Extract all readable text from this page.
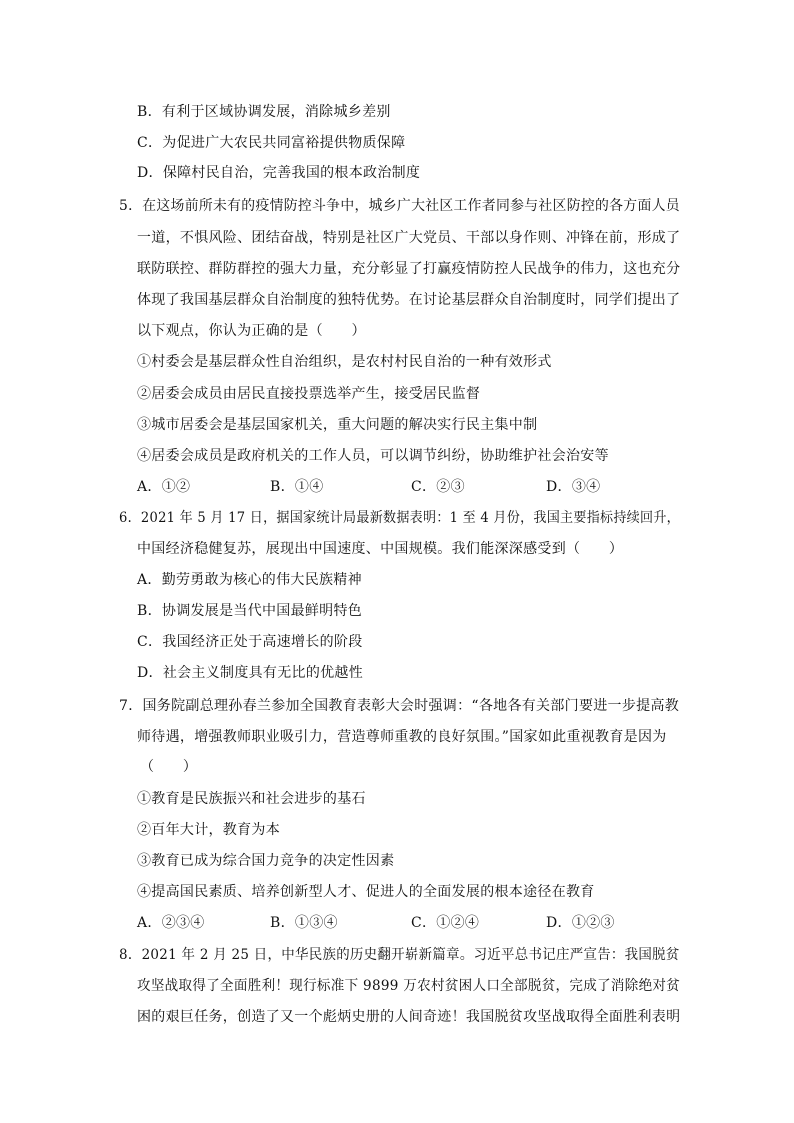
B．有利于区域协调发展，消除城乡差别
C．为促进广大农民共同富裕提供物质保障
D．保障村民自治，完善我国的根本政治制度
5．在这场前所未有的疫情防控斗争中，城乡广大社区工作者同参与社区防控的各方面人员
一道，不惧风险、团结奋战，特别是社区广大党员、干部以身作则、冲锋在前，形成了
联防联控、群防群控的强大力量，充分彰显了打赢疫情防控人民战争的伟力，这也充分
体现了我国基层群众自治制度的独特优势。在讨论基层群众自治制度时，同学们提出了
以下观点，你认为正确的是（　　）
①村委会是基层群众性自治组织，是农村村民自治的一种有效形式
②居委会成员由居民直接投票选举产生，接受居民监督
③城市居委会是基层国家机关，重大问题的解决实行民主集中制
④居委会成员是政府机关的工作人员，可以调节纠纷，协助维护社会治安等
A．①②	B．①④	C．②③	D．③④
6．2021 年 5 月 17 日，据国家统计局最新数据表明：1 至 4 月份，我国主要指标持续回升，
中国经济稳健复苏，展现出中国速度、中国规模。我们能深深感受到（　　）
A．勤劳勇敢为核心的伟大民族精神
B．协调发展是当代中国最鲜明特色
C．我国经济正处于高速增长的阶段
D．社会主义制度具有无比的优越性
7．国务院副总理孙春兰参加全国教育表彰大会时强调：“各地各有关部门要进一步提高教
师待遇，增强教师职业吸引力，营造尊师重教的良好氛围。”国家如此重视教育是因为
（　　）
①教育是民族振兴和社会进步的基石
②百年大计，教育为本
③教育已成为综合国力竞争的决定性因素
④提高国民素质、培养创新型人才、促进人的全面发展的根本途径在教育
A．②③④	B．①③④	C．①②④	D．①②③
8．2021 年 2 月 25 日，中华民族的历史翻开崭新篇章。习近平总书记庄严宣告：我国脱贫
攻坚战取得了全面胜利！现行标准下 9899 万农村贫困人口全部脱贫，完成了消除绝对贫
困的艰巨任务，创造了又一个彪炳史册的人间奇迹！我国脱贫攻坚战取得全面胜利表明
